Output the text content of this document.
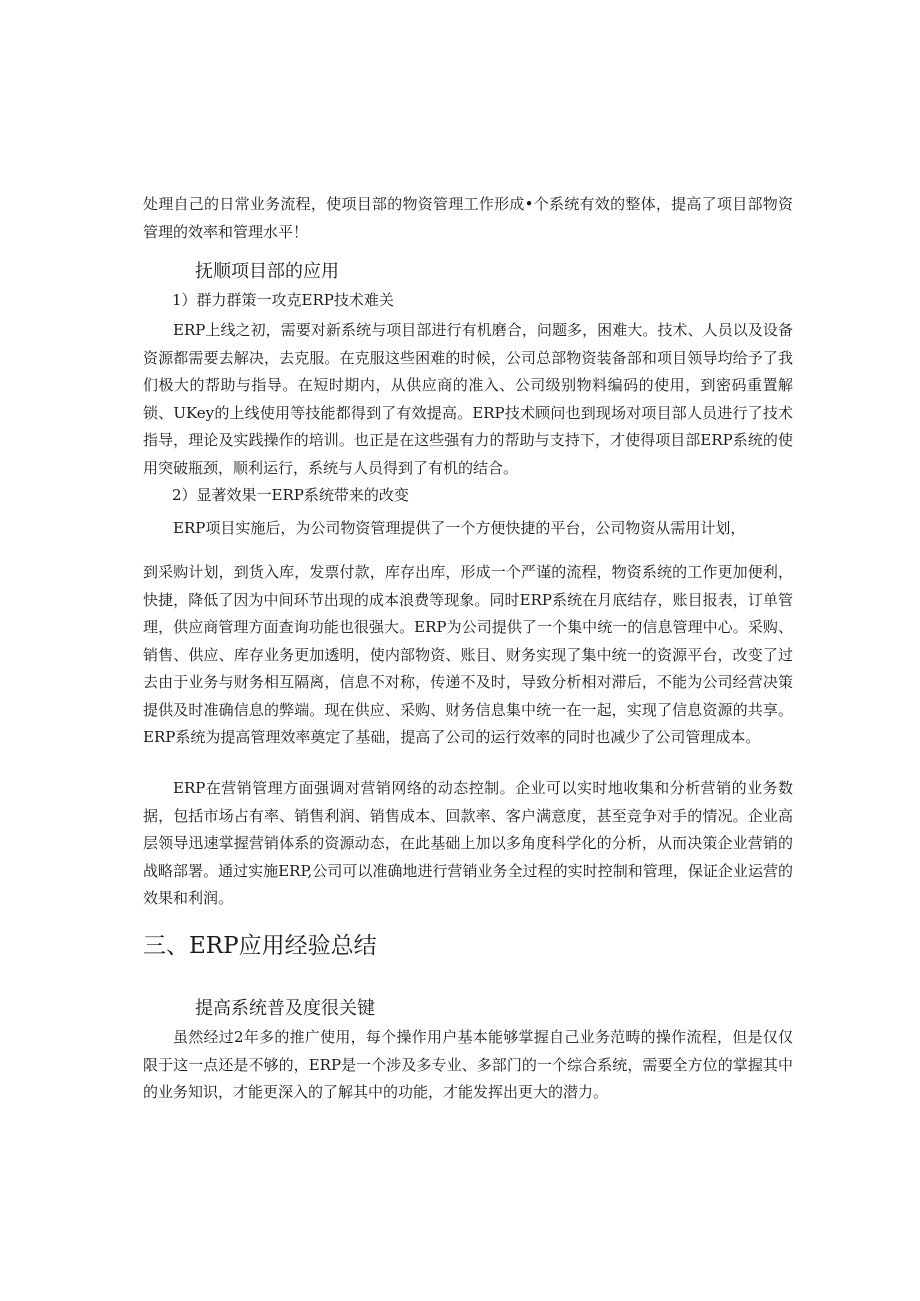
处理自己的日常业务流程，使项目部的物资管理工作形成•个系统有效的整体，提高了项目部物资管理的效率和管理水平！

抚顺项目部的应用
1）群力群策一攻克ERP技术难关

ERP上线之初，需要对新系统与项目部进行有机磨合，问题多，困难大。技术、人员以及设备资源都需要去解决，去克服。在克服这些困难的时候，公司总部物资装备部和项目领导均给予了我们极大的帮助与指导。在短时期内，从供应商的准入、公司级别物料编码的使用，到密码重置解锁、UKey的上线使用等技能都得到了有效提高。ERP技术顾问也到现场对项目部人员进行了技术指导，理论及实践操作的培训。也正是在这些强有力的帮助与支持下，才使得项目部ERP系统的使用突破瓶颈，顺利运行，系统与人员得到了有机的结合。

2）显著效果一ERP系统带来的改变

ERP项目实施后，为公司物资管理提供了一个方便快捷的平台，公司物资从需用计划，

到采购计划，到货入库，发票付款，库存出库，形成一个严谨的流程，物资系统的工作更加便利，快捷，降低了因为中间环节出现的成本浪费等现象。同时ERP系统在月底结存，账目报表，订单管理，供应商管理方面查询功能也很强大。ERP为公司提供了一个集中统一的信息管理中心。采购、销售、供应、库存业务更加透明，使内部物资、账目、财务实现了集中统一的资源平台，改变了过去由于业务与财务相互隔离，信息不对称，传递不及时，导致分析相对滞后，不能为公司经营决策提供及时准确信息的弊端。现在供应、采购、财务信息集中统一在一起，实现了信息资源的共享。ERP系统为提高管理效率奠定了基础，提高了公司的运行效率的同时也减少了公司管理成本。

ERP在营销管理方面强调对营销网络的动态控制。企业可以实时地收集和分析营销的业务数据，包括市场占有率、销售利润、销售成本、回款率、客户满意度，甚至竞争对手的情况。企业高层领导迅速掌握营销体系的资源动态，在此基础上加以多角度科学化的分析，从而决策企业营销的战略部署。通过实施ERP,公司可以准确地进行营销业务全过程的实时控制和管理，保证企业运营的效果和利润。

三、ERP应用经验总结
提高系统普及度很关键

虽然经过2年多的推广使用，每个操作用户基本能够掌握自己业务范畴的操作流程，但是仅仅限于这一点还是不够的，ERP是一个涉及多专业、多部门的一个综合系统，需要全方位的掌握其中的业务知识，才能更深入的了解其中的功能，才能发挥出更大的潜力。
